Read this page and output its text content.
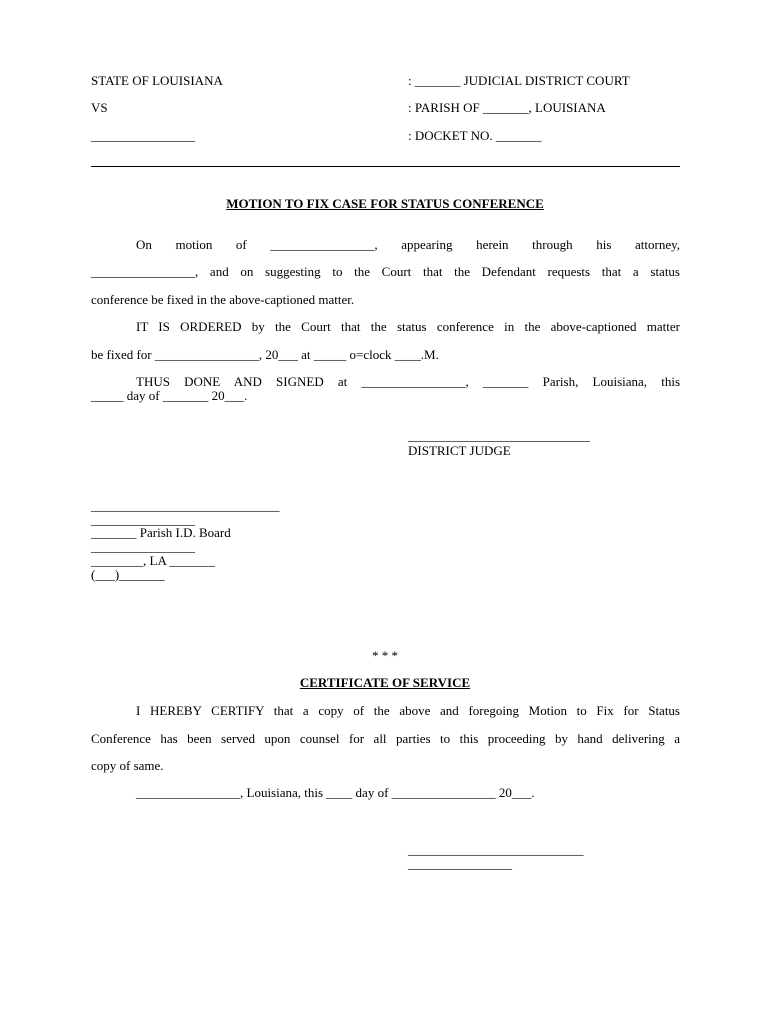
STATE OF LOUISIANA	: _______ JUDICIAL DISTRICT COURT
VS	: PARISH OF _______, LOUISIANA
________________	: DOCKET NO. _______
MOTION TO FIX CASE FOR STATUS CONFERENCE
On motion of ________________, appearing herein through his attorney,
________________, and on suggesting to the Court that the Defendant requests that a status
conference be fixed in the above-captioned matter.
IT IS ORDERED by the Court that the status conference in the above-captioned matter
be fixed for ________________, 20___ at _____ o=clock ____.M.
THUS DONE AND SIGNED at ________________, _______ Parish, Louisiana, this
_____ day of _______ 20___.
____________________________
DISTRICT JUDGE
_____________________________
________________
_______ Parish I.D. Board
________________
________, LA _______
(___)_______
* * *
CERTIFICATE OF SERVICE
I HEREBY CERTIFY that a copy of the above and foregoing Motion to Fix for Status
Conference has been served upon counsel for all parties to this proceeding by hand delivering a
copy of same.
________________, Louisiana, this ____ day of ________________ 20___.
___________________________
________________
